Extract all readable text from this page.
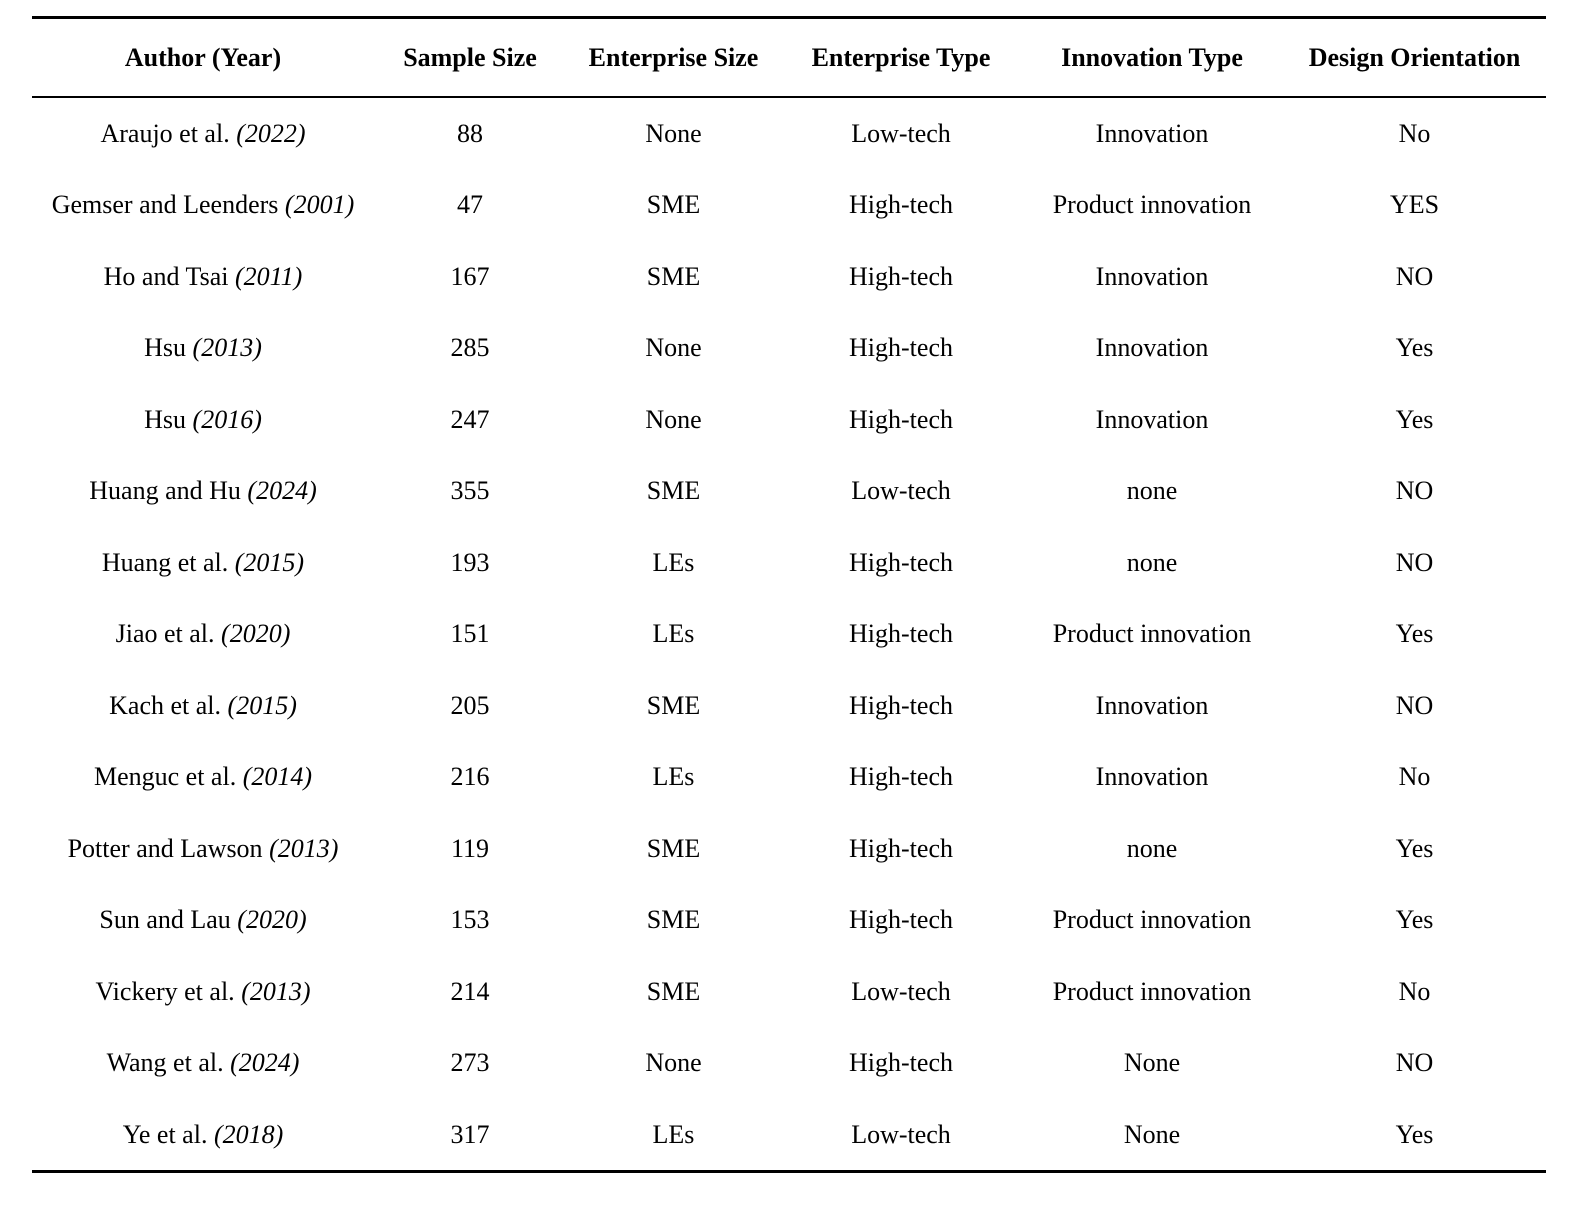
Author (Year)	Sample Size	Enterprise Size	Enterprise Type	Innovation Type	Design Orientation
Araujo et al. (2022)	88	None	Low-tech	Innovation	No
Gemser and Leenders (2001)	47	SME	High-tech	Product innovation	YES
Ho and Tsai (2011)	167	SME	High-tech	Innovation	NO
Hsu (2013)	285	None	High-tech	Innovation	Yes
Hsu (2016)	247	None	High-tech	Innovation	Yes
Huang and Hu (2024)	355	SME	Low-tech	none	NO
Huang et al. (2015)	193	LEs	High-tech	none	NO
Jiao et al. (2020)	151	LEs	High-tech	Product innovation	Yes
Kach et al. (2015)	205	SME	High-tech	Innovation	NO
Menguc et al. (2014)	216	LEs	High-tech	Innovation	No
Potter and Lawson (2013)	119	SME	High-tech	none	Yes
Sun and Lau (2020)	153	SME	High-tech	Product innovation	Yes
Vickery et al. (2013)	214	SME	Low-tech	Product innovation	No
Wang et al. (2024)	273	None	High-tech	None	NO
Ye et al. (2018)	317	LEs	Low-tech	None	Yes
